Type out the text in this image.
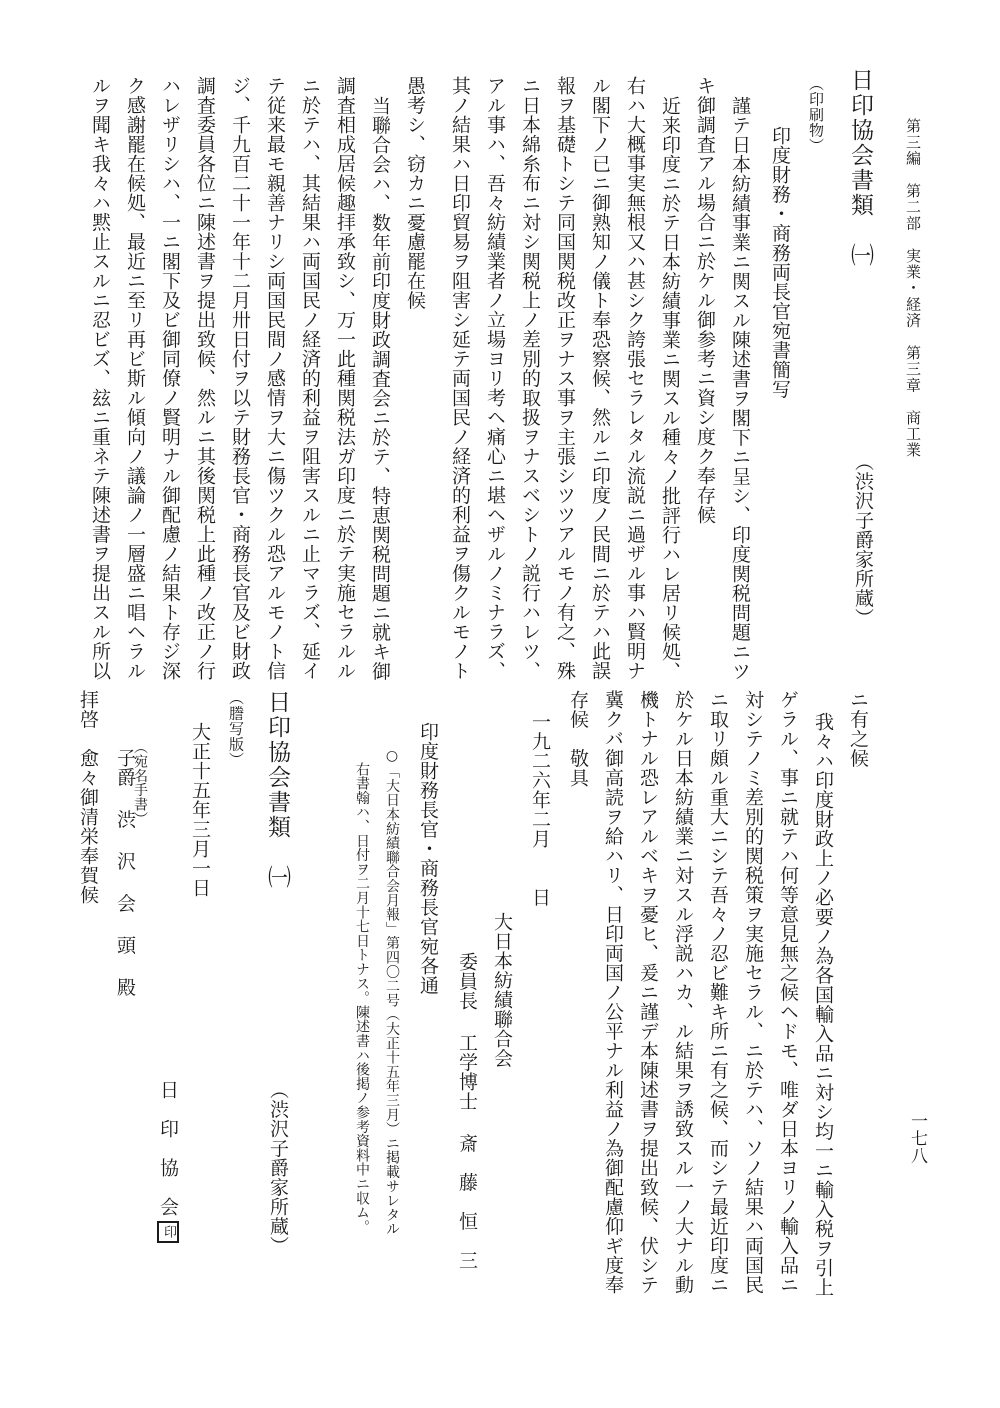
第三編　第二部　実業・経済　第三章　商工業
一七八
日印協会書類　㈠
（渋沢子爵家所蔵）
（印刷物）
印度財務・商務両長官宛書簡写
謹テ日本紡績事業ニ関スル陳述書ヲ閣下ニ呈シ、印度関税問題ニツ
キ御調査アル場合ニ於ケル御参考ニ資シ度ク奉存候
近来印度ニ於テ日本紡績事業ニ関スル種々ノ批評行ハレ居リ候処、
右ハ大概事実無根又ハ甚シク誇張セラレタル流説ニ過ザル事ハ賢明ナ
ル閣下ノ已ニ御熟知ノ儀ト奉恐察候、然ルニ印度ノ民間ニ於テハ此誤
報ヲ基礎トシテ同国関税改正ヲナス事ヲ主張シツツアルモノ有之、殊
ニ日本綿糸布ニ対シ関税上ノ差別的取扱ヲナスベシトノ説行ハレツ、
アル事ハ、吾々紡績業者ノ立場ヨリ考ヘ痛心ニ堪ヘザルノミナラズ、
其ノ結果ハ日印貿易ヲ阻害シ延テ両国民ノ経済的利益ヲ傷クルモノト
愚考シ、窃カニ憂慮罷在候
当聯合会ハ、数年前印度財政調査会ニ於テ、特恵関税問題ニ就キ御
調査相成居候趣拝承致シ、万一此種関税法ガ印度ニ於テ実施セラルル
ニ於テハ、其結果ハ両国民ノ経済的利益ヲ阻害スルニ止マラズ、延イ
テ従来最モ親善ナリシ両国民間ノ感情ヲ大ニ傷ツクル恐アルモノト信
ジ、千九百二十一年十二月卅日付ヲ以テ財務長官・商務長官及ビ財政
調査委員各位ニ陳述書ヲ提出致候、然ルニ其後関税上此種ノ改正ノ行
ハレザリシハ、一ニ閣下及ビ御同僚ノ賢明ナル御配慮ノ結果ト存ジ深
ク感謝罷在候処、最近ニ至リ再ビ斯ル傾向ノ議論ノ一層盛ニ唱ヘラル
ルヲ聞キ我々ハ黙止スルニ忍ビズ、玆ニ重ネテ陳述書ヲ提出スル所以
ニ有之候
我々ハ印度財政上ノ必要ノ為各国輸入品ニ対シ均一ニ輸入税ヲ引上
ゲラル、事ニ就テハ何等意見無之候ヘドモ、唯ダ日本ヨリノ輸入品ニ
対シテノミ差別的関税策ヲ実施セラル、ニ於テハ、ソノ結果ハ両国民
ニ取リ頗ル重大ニシテ吾々ノ忍ビ難キ所ニ有之候、而シテ最近印度ニ
於ケル日本紡績業ニ対スル浮説ハカ、ル結果ヲ誘致スル一ノ大ナル動
機トナル恐レアルベキヲ憂ヒ、爰ニ謹デ本陳述書ヲ提出致候、伏シテ
冀クバ御高読ヲ給ハリ、日印両国ノ公平ナル利益ノ為御配慮仰ギ度奉
存候　敬具
一九二六年二月　　日
大日本紡績聯合会
委員長 工学博士 斎　藤　恒　三
印度財務長官・商務長官宛各通
○「大日本紡績聯合会月報」第四〇二号（大正十五年三月）ニ掲載サレタル
右書翰ハ、日付ヲ二月十七日トナス。陳述書ハ後掲ノ参考資料中ニ収ム。
日印協会書類　㈠
（渋沢子爵家所蔵）
（謄写版）
大正十五年三月一日
日　印　協　会印
（宛名手書）
子爵 渋 沢 会 頭 殿
拝啓　愈々御清栄奉賀候
